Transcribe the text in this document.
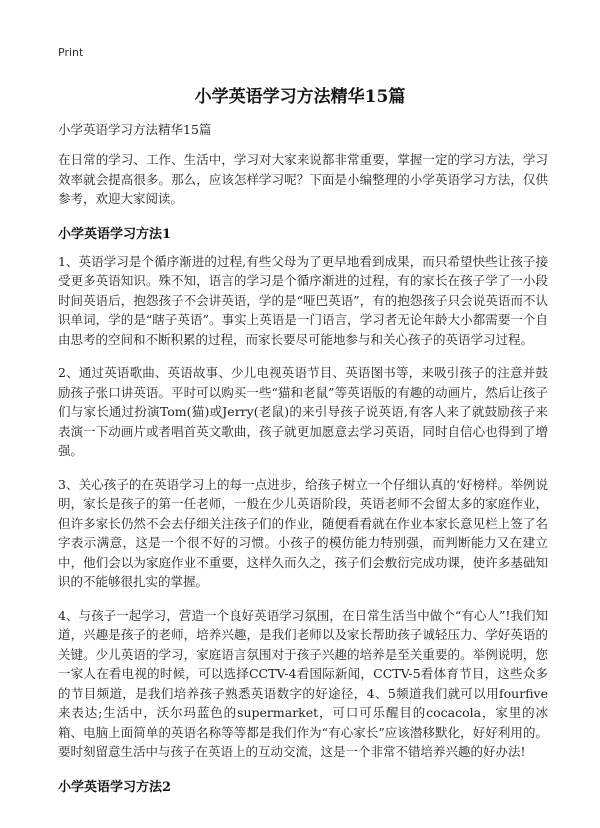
Print
小学英语学习方法精华15篇

小学英语学习方法精华15篇

在日常的学习、工作、生活中，学习对大家来说都非常重要，掌握一定的学习方法，学习效率就会提高很多。那么，应该怎样学习呢？下面是小编整理的小学英语学习方法，仅供参考，欢迎大家阅读。

小学英语学习方法1

1、英语学习是个循序渐进的过程,有些父母为了更早地看到成果，而只希望快些让孩子接受更多英语知识。殊不知，语言的学习是个循序渐进的过程，有的家长在孩子学了一小段时间英语后，抱怨孩子不会讲英语，学的是“哑巴英语”，有的抱怨孩子只会说英语而不认识单词，学的是“瞎子英语”。事实上英语是一门语言，学习者无论年龄大小都需要一个自由思考的空间和不断积累的过程，而家长要尽可能地参与和关心孩子的英语学习过程。

2、通过英语歌曲、英语故事、少儿电视英语节目、英语图书等，来吸引孩子的注意并鼓励孩子张口讲英语。平时可以购买一些“猫和老鼠”等英语版的有趣的动画片，然后让孩子们与家长通过扮演Tom(猫)或Jerry(老鼠)的来引导孩子说英语,有客人来了就鼓励孩子来表演一下动画片或者唱首英文歌曲，孩子就更加愿意去学习英语，同时自信心也得到了增强。

3、关心孩子的在英语学习上的每一点进步，给孩子树立一个仔细认真的‘好榜样。举例说明，家长是孩子的第一任老师，一般在少儿英语阶段，英语老师不会留太多的家庭作业，但许多家长仍然不会去仔细关注孩子们的作业，随便看看就在作业本家长意见栏上签了名字表示满意，这是一个很不好的习惯。小孩子的模仿能力特别强，而判断能力又在建立中，他们会以为家庭作业不重要，这样久而久之，孩子们会敷衍完成功课，使许多基础知识的不能够很扎实的掌握。

4、与孩子一起学习，营造一个良好英语学习氛围，在日常生活当中做个“有心人”!我们知道，兴趣是孩子的老师，培养兴趣，是我们老师以及家长帮助孩子诚轻压力、学好英语的关键。少儿英语的学习，家庭语言氛围对于孩子兴趣的培养是至关重要的。举例说明，您一家人在看电视的时候，可以选择CCTV-4看国际新闻，CCTV-5看体育节目，这些众多的节目频道，是我们培养孩子熟悉英语数字的好途径，4、5频道我们就可以用fourfive 来表达;生活中，沃尔玛蓝色的supermarket，可口可乐醒目的cocacola，家里的冰箱、电脑上面简单的英语名称等等都是我们作为“有心家长”应该潜移默化，好好利用的。要时刻留意生活中与孩子在英语上的互动交流，这是一个非常不错培养兴趣的好办法!

小学英语学习方法2
